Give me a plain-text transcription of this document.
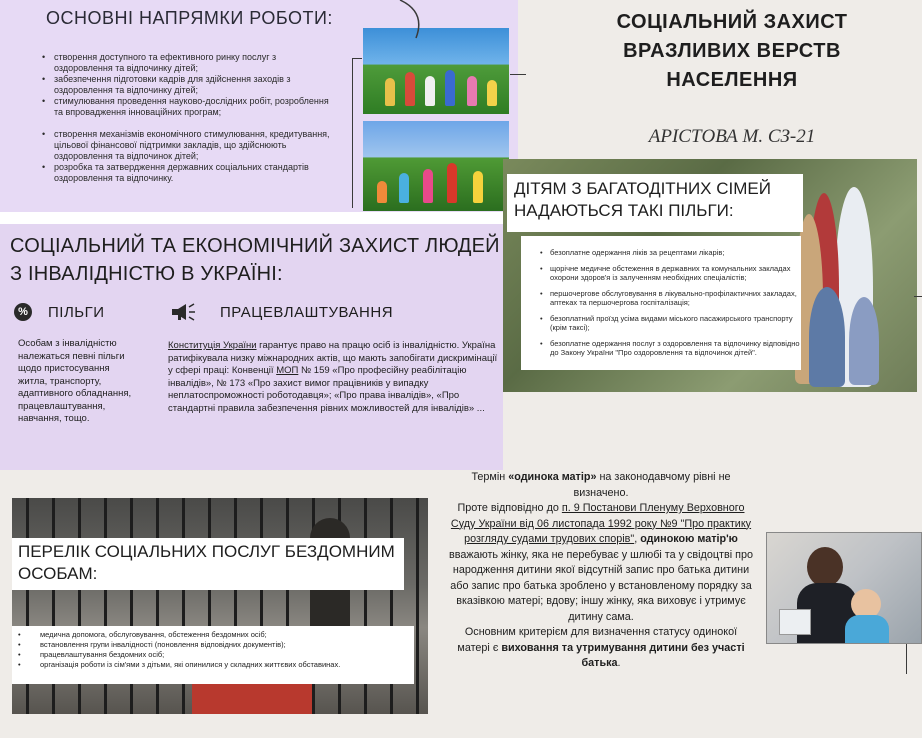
ОСНОВНІ НАПРЯМКИ РОБОТИ:
• створення доступного та ефективного ринку послуг з оздоровлення та відпочинку дітей;
• забезпечення підготовки кадрів для здійснення заходів з оздоровлення та відпочинку дітей;
• стимулювання проведення науково-дослідних робіт, розроблення та впровадження інноваційних програм;
• створення механізмів економічного стимулювання, кредитування, цільової фінансової підтримки закладів, що здійснюють оздоровлення та відпочинок дітей;
• розробка та затвердження державних соціальних стандартів оздоровлення та відпочинку.
СОЦІАЛЬНИЙ ЗАХИСТ ВРАЗЛИВИХ ВЕРСТВ НАСЕЛЕННЯ
АРІСТОВА М. СЗ-21
ДІТЯМ З БАГАТОДІТНИХ СІМЕЙ НАДАЮТЬСЯ ТАКІ ПІЛЬГИ:
• безоплатне одержання ліків за рецептами лікарів;
• щорічне медичне обстеження в державних та комунальних закладах охорони здоров'я із залученням необхідних спеціалістів;
• першочергове обслуговування в лікувально-профілактичних закладах, аптеках та першочергова госпіталізація;
• безоплатний проїзд усіма видами міського пасажирського транспорту (крім таксі);
• безоплатне одержання послуг з оздоровлення та відпочинку відповідно до Закону України "Про оздоровлення та відпочинок дітей".
СОЦІАЛЬНИЙ ТА ЕКОНОМІЧНИЙ ЗАХИСТ ЛЮДЕЙ З ІНВАЛІДНІСТЮ В УКРАЇНІ:
% ПІЛЬГИ	ПРАЦЕВЛАШТУВАННЯ
Особам з інвалідністю належаться певні пільги щодо пристосування житла, транспорту, адаптивного обладнання, працевлаштування, навчання, тощо.
Конституція України гарантує право на працю осіб із інвалідністю. Україна ратифікувала низку міжнародних актів, що мають запобігати дискримінації у сфері праці: Конвенції МОП № 159 «Про професійну реабілітацію інвалідів», № 173 «Про захист вимог працівників у випадку неплатоспроможності роботодавця»; «Про права інвалідів», «Про стандартні правила забезпечення рівних можливостей для інвалідів» ...
ПЕРЕЛІК СОЦІАЛЬНИХ ПОСЛУГ БЕЗДОМНИМ ОСОБАМ:
• медична допомога, обслуговування, обстеження бездомних осіб;
• встановлення групи інвалідності (поновлення відповідних документів);
• працевлаштування бездомних осіб;
• організація роботи із сім'ями з дітьми, які опинилися у складних життєвих обставинах.

Термін «одинока матір» на законодавчому рівні не визначено.

Проте відповідно до п. 9 Постанови Пленуму Верховного Суду України від 06 листопада 1992 року №9 "Про практику розгляду судами трудових спорів", одинокою матір'ю вважають жінку, яка не перебуває у шлюбі та у свідоцтві про народження дитини якої відсутній запис про батька дитини або запис про батька зроблено у встановленому порядку за вказівкою матері; вдову; іншу жінку, яка виховує і утримує дитину сама.

Основним критерієм для визначення статусу одинокої матері є виховання та утримування дитини без участі батька.
